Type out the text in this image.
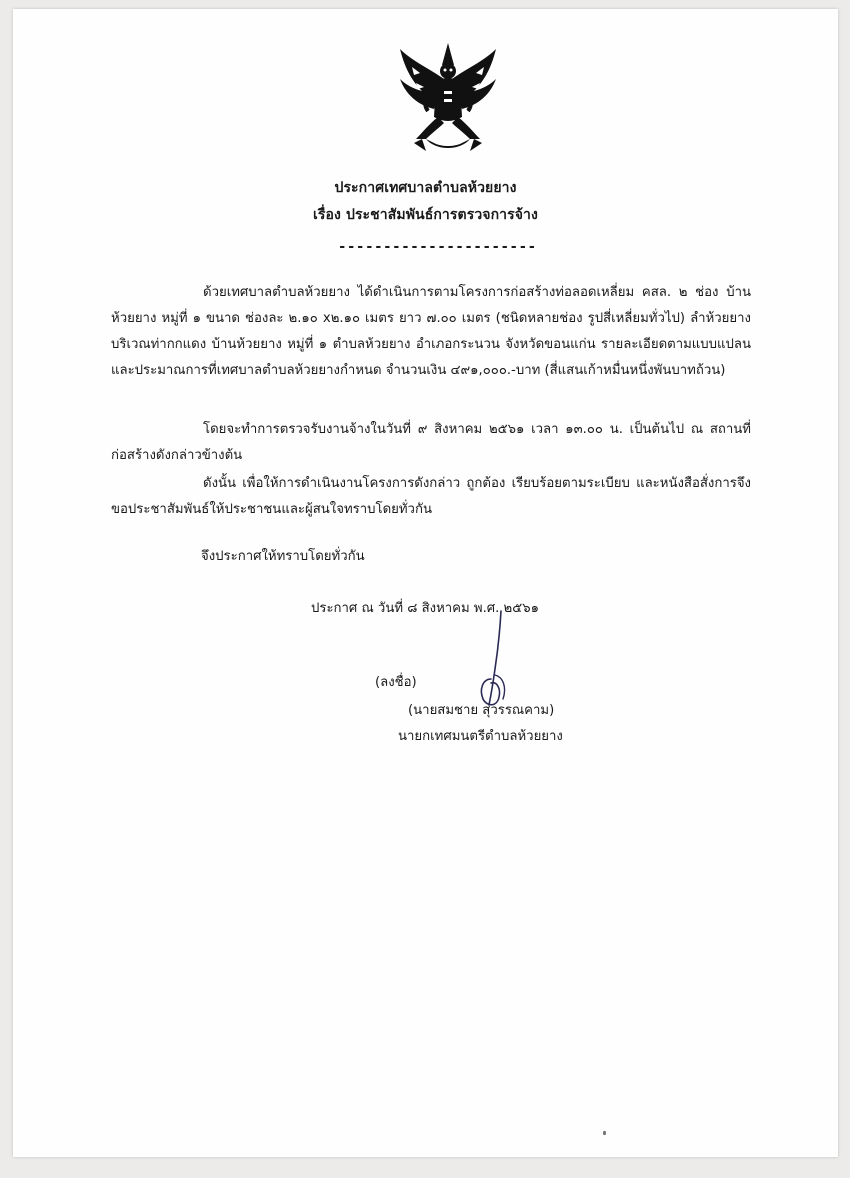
ประกาศเทศบาลตำบลห้วยยาง
เรื่อง ประชาสัมพันธ์การตรวจการจ้าง
----------------------
ด้วยเทศบาลตำบลห้วยยาง ได้ดำเนินการตามโครงการก่อสร้างท่อลอดเหลี่ยม คสล. ๒ ช่อง บ้านห้วยยาง หมู่ที่ ๑ ขนาด ช่องละ ๒.๑๐ x๒.๑๐ เมตร ยาว ๗.๐๐ เมตร (ชนิดหลายช่อง รูปสี่เหลี่ยมทั่วไป) ลำห้วยยางบริเวณท่ากกแดง บ้านห้วยยาง หมู่ที่ ๑ ตำบลห้วยยาง อำเภอกระนวน จังหวัดขอนแก่น รายละเอียดตามแบบแปลนและประมาณการที่เทศบาลตำบลห้วยยางกำหนด จำนวนเงิน ๔๙๑,๐๐๐.-บาท (สี่แสนเก้าหมื่นหนึ่งพันบาทถ้วน)
โดยจะทำการตรวจรับงานจ้างในวันที่ ๙ สิงหาคม ๒๕๖๑ เวลา ๑๓.๐๐ น. เป็นต้นไป ณ สถานที่ก่อสร้างดังกล่าวข้างต้น
ดังนั้น เพื่อให้การดำเนินงานโครงการดังกล่าว ถูกต้อง เรียบร้อยตามระเบียบ และหนังสือสั่งการจึงขอประชาสัมพันธ์ให้ประชาชนและผู้สนใจทราบโดยทั่วกัน
จึงประกาศให้ทราบโดยทั่วกัน
ประกาศ ณ วันที่ ๘ สิงหาคม พ.ศ. ๒๕๖๑
(ลงชื่อ)
(นายสมชาย สุวรรณคาม)
นายกเทศมนตรีตำบลห้วยยาง
